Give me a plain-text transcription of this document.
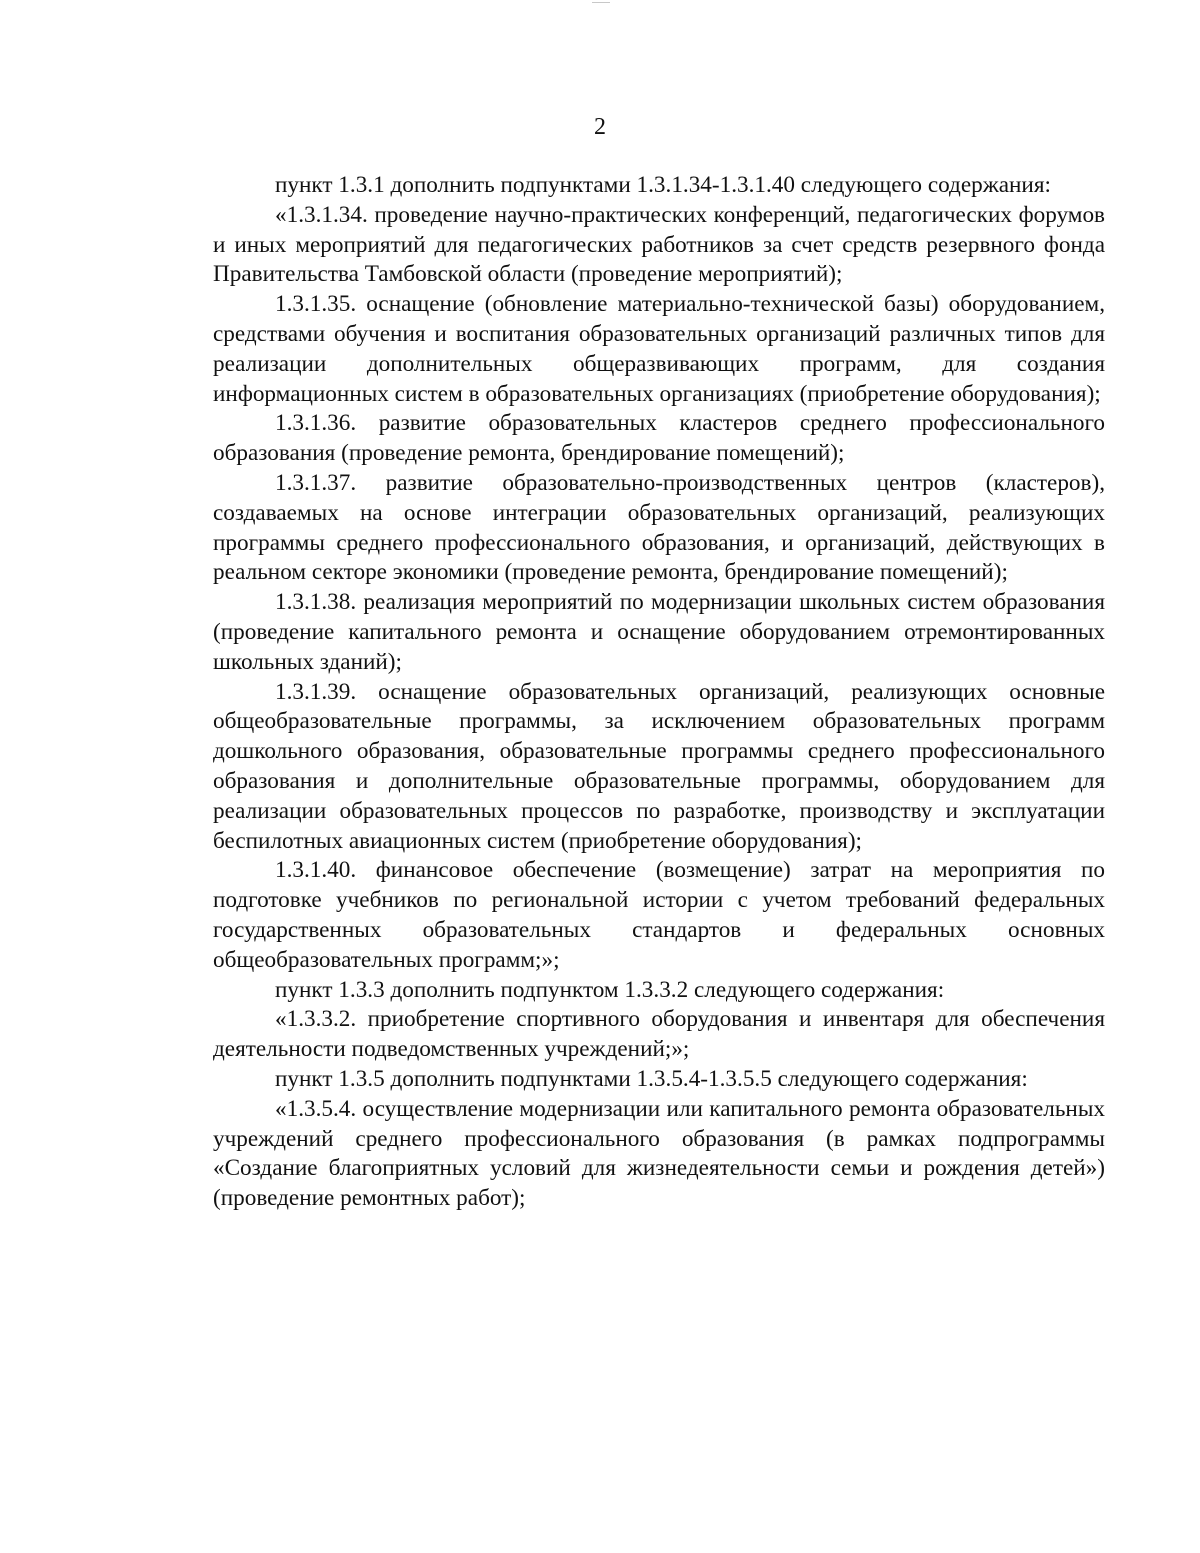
2

пункт 1.3.1 дополнить подпунктами 1.3.1.34-1.3.1.40 следующего содержания:

«1.3.1.34. проведение научно-практических конференций, педагогических форумов и иных мероприятий для педагогических работников за счет средств резервного фонда Правительства Тамбовской области (проведение мероприятий);

1.3.1.35. оснащение (обновление материально-технической базы) оборудованием, средствами обучения и воспитания образовательных организаций различных типов для реализации дополнительных общеразвивающих программ, для создания информационных систем в образовательных организациях (приобретение оборудования);

1.3.1.36. развитие образовательных кластеров среднего профессионального образования (проведение ремонта, брендирование помещений);

1.3.1.37. развитие образовательно-производственных центров (кластеров), создаваемых на основе интеграции образовательных организаций, реализующих программы среднего профессионального образования, и организаций, действующих в реальном секторе экономики (проведение ремонта, брендирование помещений);

1.3.1.38. реализация мероприятий по модернизации школьных систем образования (проведение капитального ремонта и оснащение оборудованием отремонтированных школьных зданий);

1.3.1.39. оснащение образовательных организаций, реализующих основные общеобразовательные программы, за исключением образовательных программ дошкольного образования, образовательные программы среднего профессионального образования и дополнительные образовательные программы, оборудованием для реализации образовательных процессов по разработке, производству и эксплуатации беспилотных авиационных систем (приобретение оборудования);

1.3.1.40. финансовое обеспечение (возмещение) затрат на мероприятия по подготовке учебников по региональной истории с учетом требований федеральных государственных образовательных стандартов и федеральных основных общеобразовательных программ;»;

пункт 1.3.3 дополнить подпунктом 1.3.3.2 следующего содержания:

«1.3.3.2. приобретение спортивного оборудования и инвентаря для обеспечения деятельности подведомственных учреждений;»;

пункт 1.3.5 дополнить подпунктами 1.3.5.4-1.3.5.5 следующего содержания:

«1.3.5.4. осуществление модернизации или капитального ремонта образовательных учреждений среднего профессионального образования (в рамках подпрограммы «Создание благоприятных условий для жизнедеятельности семьи и рождения детей») (проведение ремонтных работ);
